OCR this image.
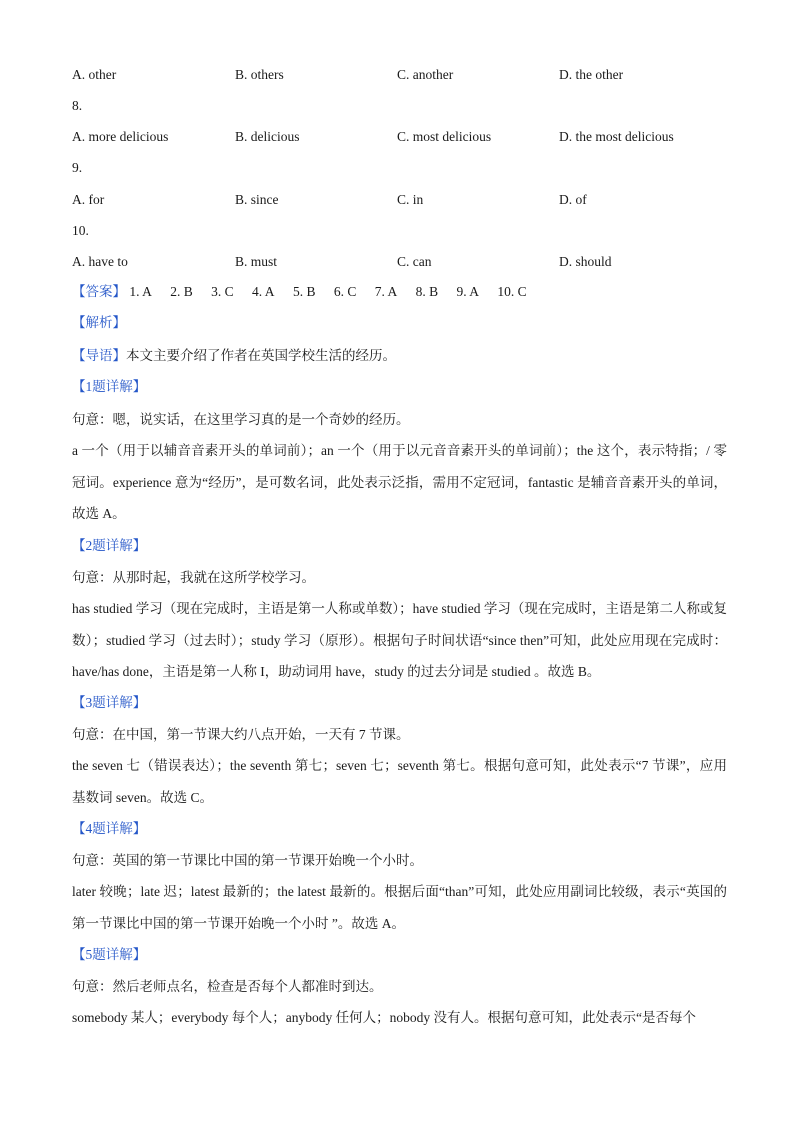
A. other	B. others	C. another	D. the other
8.
A. more delicious	B. delicious	C. most delicious	D. the most delicious
9.
A. for	B. since	C. in	D. of
10.
A. have to	B. must	C. can	D. should
【答案】 1. A 2. B 3. C 4. A 5. B 6. C 7. A 8. B 9. A 10. C
【解析】
【导语】本文主要介绍了作者在英国学校生活的经历。
【1题详解】
句意：嗯，说实话，在这里学习真的是一个奇妙的经历。
a 一个（用于以辅音音素开头的单词前）；an 一个（用于以元音音素开头的单词前）；the 这个，表示特指；/ 零冠词。experience 意为“经历”，是可数名词，此处表示泛指，需用不定冠词，fantastic 是辅音音素开头的单词，故选 A。
【2题详解】
句意：从那时起，我就在这所学校学习。
has studied 学习（现在完成时，主语是第一人称或单数）；have studied 学习（现在完成时，主语是第二人称或复数）；studied 学习（过去时）；study 学习（原形）。根据句子时间状语“since then”可知，此处应用现在完成时：have/has done，主语是第一人称 I，助动词用 have，study 的过去分词是 studied 。故选 B。
【3题详解】
句意：在中国，第一节课大约八点开始，一天有 7 节课。
the seven 七（错误表达）；the seventh 第七；seven 七；seventh 第七。根据句意可知，此处表示“7 节课”，应用基数词 seven。故选 C。
【4题详解】
句意：英国的第一节课比中国的第一节课开始晚一个小时。
later 较晚；late 迟；latest 最新的；the latest 最新的。根据后面“than”可知，此处应用副词比较级，表示“英国的第一节课比中国的第一节课开始晚一个小时 ”。故选 A。
【5题详解】
句意：然后老师点名，检查是否每个人都准时到达。
somebody 某人；everybody 每个人；anybody 任何人；nobody 没有人。根据句意可知，此处表示“是否每个
